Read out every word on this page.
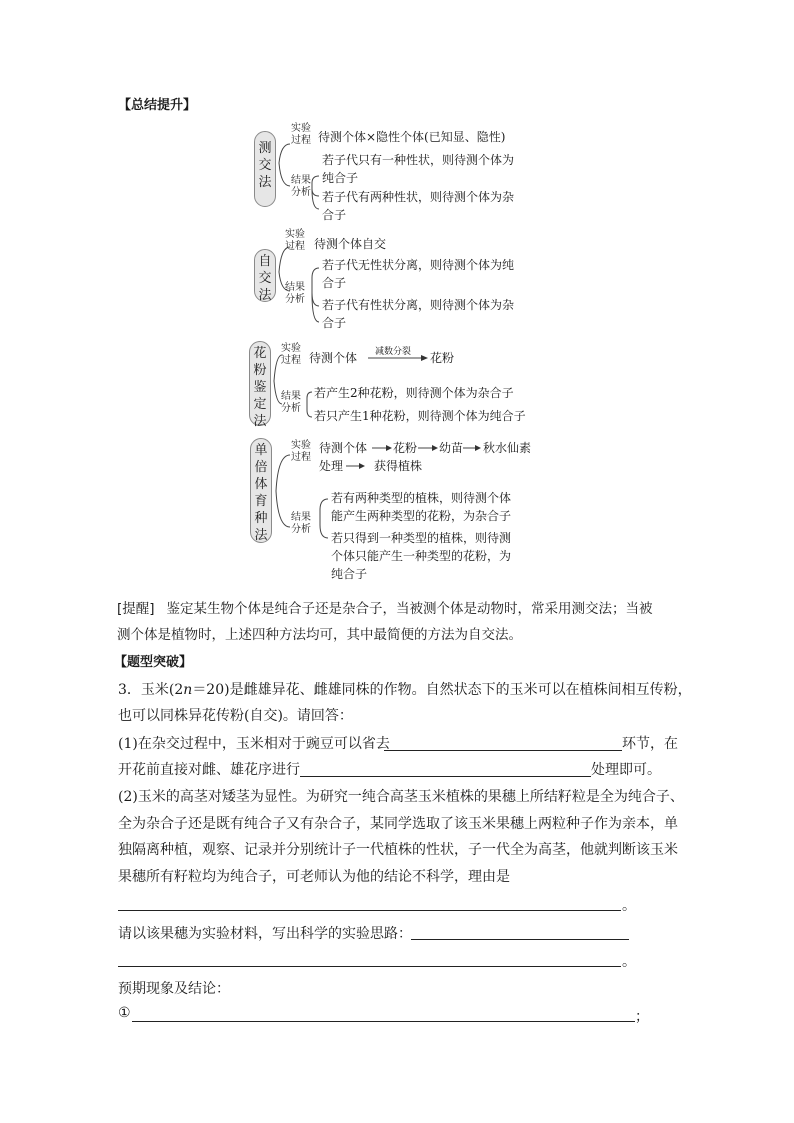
【总结提升】
测交法
实验
过程 待测个体×隐性个体(已知显、隐性)
结果
分析
若子代只有一种性状，则待测个体为
纯合子
若子代有两种性状，则待测个体为杂
合子
自交法
实验
过程 待测个体自交
结果
分析
若子代无性状分离，则待测个体为纯
合子
若子代有性状分离，则待测个体为杂
合子
花粉鉴定法
实验
过程 待测个体 减数分裂 花粉
结果
分析
若产生2种花粉，则待测个体为杂合子
若只产生1种花粉，则待测个体为纯合子
单倍体育种法
实验
过程
待测个体 花粉 幼苗 秋水仙素
处理	获得植株
结果
分析
若有两种类型的植株，则待测个体
能产生两种类型的花粉，为杂合子
若只得到一种类型的植株，则待测
个体只能产生一种类型的花粉，为
纯合子
[提醒] 鉴定某生物个体是纯合子还是杂合子，当被测个体是动物时，常采用测交法；当被
测个体是植物时，上述四种方法均可，其中最简便的方法为自交法。
【题型突破】
3．玉米(2n＝20)是雌雄异花、雌雄同株的作物。自然状态下的玉米可以在植株间相互传粉，
也可以同株异花传粉(自交)。请回答：
(1)在杂交过程中，玉米相对于豌豆可以省去	环节，在
开花前直接对雌、雄花序进行	处理即可。
(2)玉米的高茎对矮茎为显性。为研究一纯合高茎玉米植株的果穗上所结籽粒是全为纯合子、
全为杂合子还是既有纯合子又有杂合子，某同学选取了该玉米果穗上两粒种子作为亲本，单
独隔离种植，观察、记录并分别统计子一代植株的性状，子一代全为高茎，他就判断该玉米
果穗所有籽粒均为纯合子，可老师认为他的结论不科学，理由是
。
请以该果穗为实验材料，写出科学的实验思路：
。
预期现象及结论：
①	；
